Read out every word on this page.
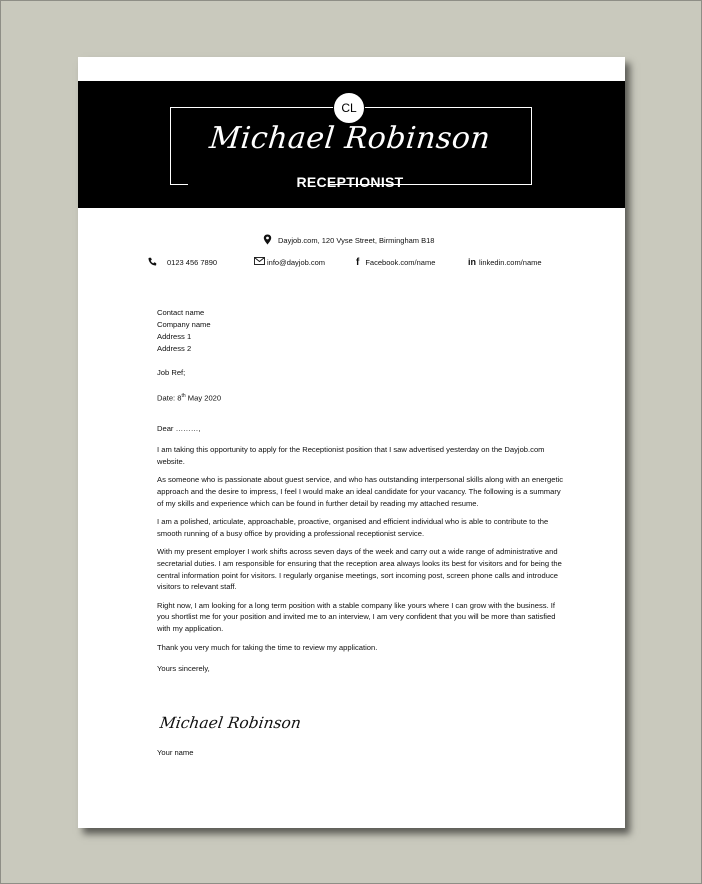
CL
Michael Robinson
RECEPTIONIST
Dayjob.com, 120 Vyse Street, Birmingham B18
0123 456 7890	info@dayjob.com	f Facebook.com/name	in linkedin.com/name
Contact name
Company name
Address 1
Address 2

Job Ref;

Date: 8th May 2020

Dear ………,

I am taking this opportunity to apply for the Receptionist position that I saw advertised yesterday on the Dayjob.com website.

As someone who is passionate about guest service, and who has outstanding interpersonal skills along with an energetic approach and the desire to impress, I feel I would make an ideal candidate for your vacancy. The following is a summary of my skills and experience which can be found in further detail by reading my attached resume.

I am a polished, articulate, approachable, proactive, organised and efficient individual who is able to contribute to the smooth running of a busy office by providing a professional receptionist service.

With my present employer I work shifts across seven days of the week and carry out a wide range of administrative and secretarial duties. I am responsible for ensuring that the reception area always looks its best for visitors and for being the central information point for visitors. I regularly organise meetings, sort incoming post, screen phone calls and introduce visitors to relevant staff.

Right now, I am looking for a long term position with a stable company like yours where I can grow with the business. If you shortlist me for your position and invited me to an interview, I am very confident that you will be more than satisfied with my application.

Thank you very much for taking the time to review my application.

Yours sincerely,

Michael Robinson
Your name
